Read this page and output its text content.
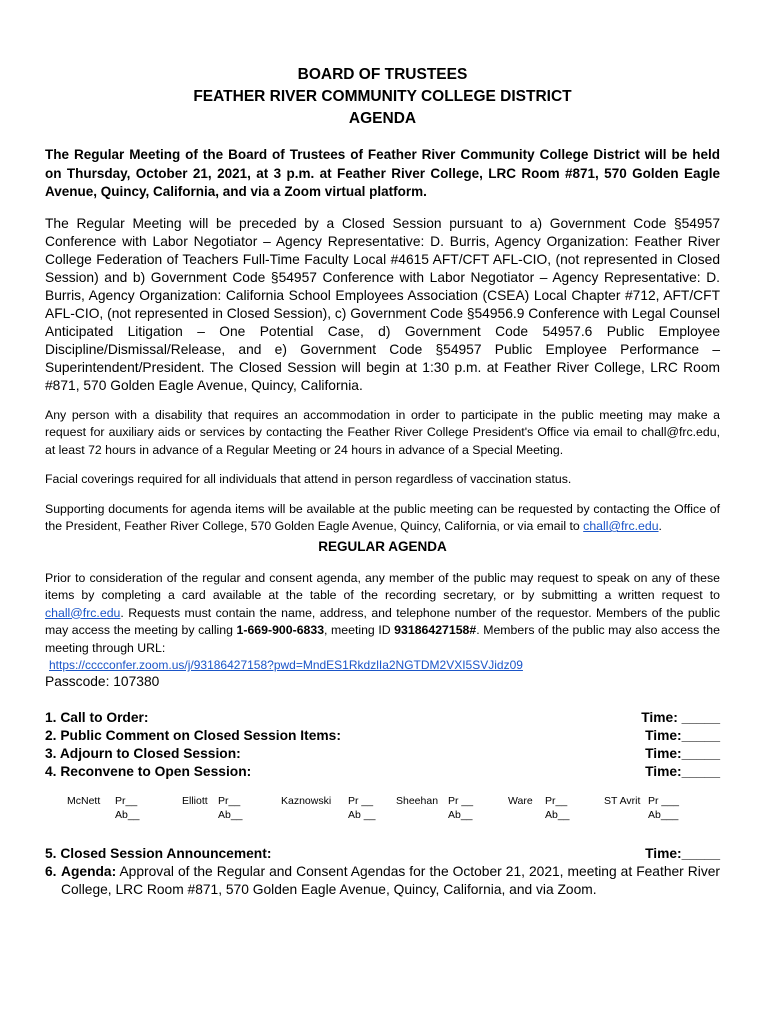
BOARD OF TRUSTEES

FEATHER RIVER COMMUNITY COLLEGE DISTRICT

AGENDA

The Regular Meeting of the Board of Trustees of Feather River Community College District will be held on Thursday, October 21, 2021, at 3 p.m. at Feather River College, LRC Room #871, 570 Golden Eagle Avenue, Quincy, California, and via a Zoom virtual platform.

The Regular Meeting will be preceded by a Closed Session pursuant to a) Government Code §54957 Conference with Labor Negotiator – Agency Representative: D. Burris, Agency Organization: Feather River College Federation of Teachers Full-Time Faculty Local #4615 AFT/CFT AFL-CIO, (not represented in Closed Session) and b) Government Code §54957 Conference with Labor Negotiator – Agency Representative: D. Burris, Agency Organization: California School Employees Association (CSEA) Local Chapter #712, AFT/CFT AFL-CIO, (not represented in Closed Session), c) Government Code §54956.9 Conference with Legal Counsel Anticipated Litigation – One Potential Case, d) Government Code 54957.6 Public Employee Discipline/Dismissal/Release, and e) Government Code §54957 Public Employee Performance – Superintendent/President. The Closed Session will begin at 1:30 p.m. at Feather River College, LRC Room #871, 570 Golden Eagle Avenue, Quincy, California.

Any person with a disability that requires an accommodation in order to participate in the public meeting may make a request for auxiliary aids or services by contacting the Feather River College President's Office via email to chall@frc.edu, at least 72 hours in advance of a Regular Meeting or 24 hours in advance of a Special Meeting.

Facial coverings required for all individuals that attend in person regardless of vaccination status.

Supporting documents for agenda items will be available at the public meeting can be requested by contacting the Office of the President, Feather River College, 570 Golden Eagle Avenue, Quincy, California, or via email to chall@frc.edu.

REGULAR AGENDA

Prior to consideration of the regular and consent agenda, any member of the public may request to speak on any of these items by completing a card available at the table of the recording secretary, or by submitting a written request to chall@frc.edu. Requests must contain the name, address, and telephone number of the requestor. Members of the public may access the meeting by calling 1-669-900-6833, meeting ID 93186427158#. Members of the public may also access the meeting through URL:

https://cccconfer.zoom.us/j/93186427158?pwd=MndES1RkdzlIa2NGTDM2VXI5SVJidz09

Passcode: 107380

1. Call to Order:	Time: _____
2. Public Comment on Closed Session Items:	Time:_____
3. Adjourn to Closed Session:	Time:_____
4. Reconvene to Open Session:	Time:_____
McNett Pr__
Ab__
Elliott Pr__
Ab__
Kaznowski Pr __
Ab __
Sheehan Pr __
Ab__
Ware Pr__
Ab__
ST Avrit Pr ___
Ab___
5. Closed Session Announcement:	Time:_____
6. Agenda: Approval of the Regular and Consent Agendas for the October 21, 2021, meeting at Feather River College, LRC Room #871, 570 Golden Eagle Avenue, Quincy, California, and via Zoom.
